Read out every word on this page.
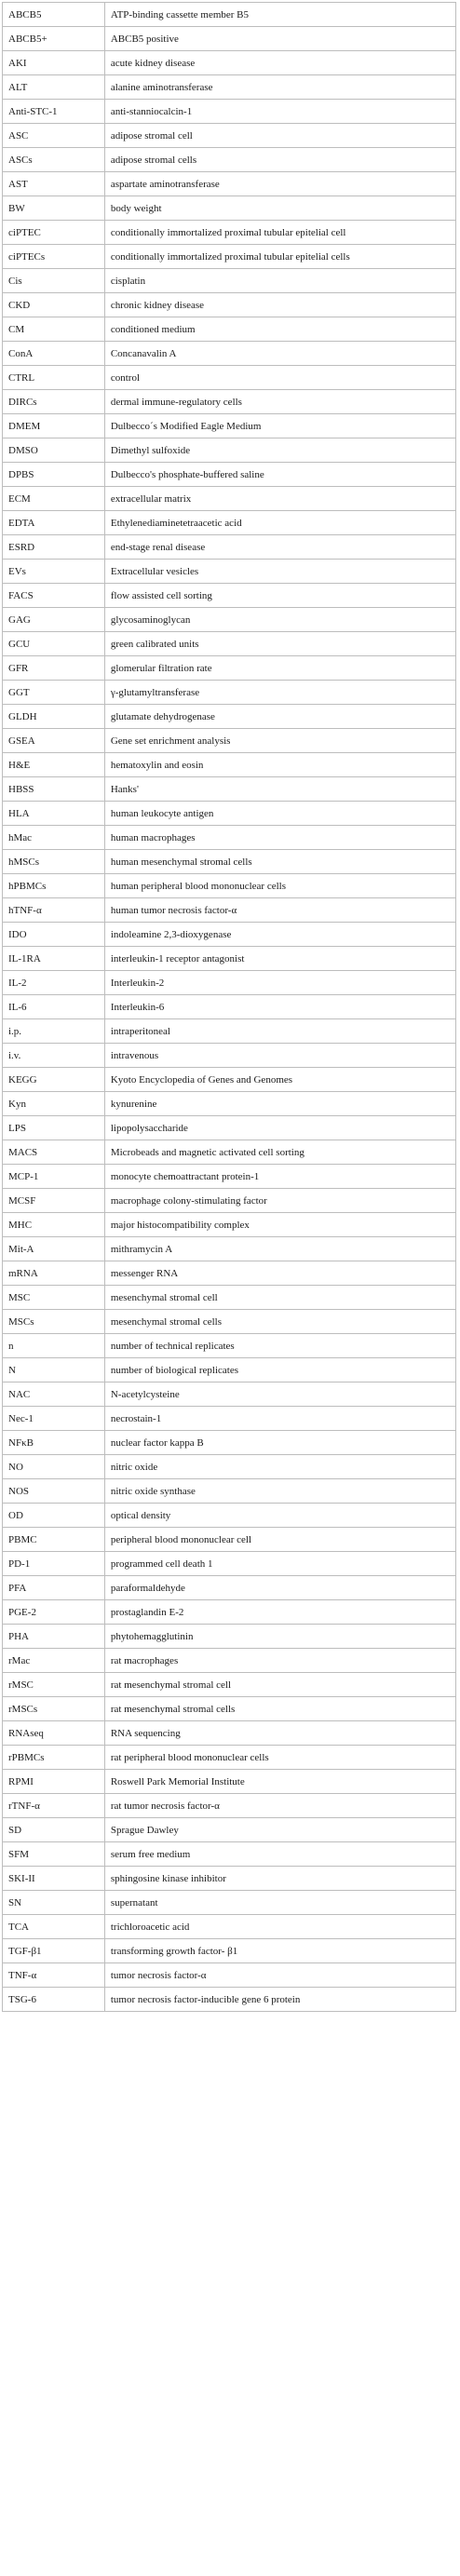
ABCB5	ATP-binding cassette member B5
ABCB5+	ABCB5 positive
AKI	acute kidney disease
ALT	alanine aminotransferase
Anti-STC-1	anti-stanniocalcin-1
ASC	adipose stromal cell
ASCs	adipose stromal cells
AST	aspartate aminotransferase
BW	body weight
ciPTEC	conditionally immortalized proximal tubular epitelial cell
ciPTECs	conditionally immortalized proximal tubular epitelial cells
Cis	cisplatin
CKD	chronic kidney disease
CM	conditioned medium
ConA	Concanavalin A
CTRL	control
DIRCs	dermal immune-regulatory cells
DMEM	Dulbecco´s Modified Eagle Medium
DMSO	Dimethyl sulfoxide
DPBS	Dulbecco's phosphate-buffered saline
ECM	extracellular matrix
EDTA	Ethylenediaminetetraacetic acid
ESRD	end-stage renal disease
EVs	Extracellular vesicles
FACS	flow assisted cell sorting
GAG	glycosaminoglycan
GCU	green calibrated units
GFR	glomerular filtration rate
GGT	γ-glutamyltransferase
GLDH	glutamate dehydrogenase
GSEA	Gene set enrichment analysis
H&E	hematoxylin and eosin
HBSS	Hanks'
HLA	human leukocyte antigen
hMac	human macrophages
hMSCs	human mesenchymal stromal cells
hPBMCs	human peripheral blood mononuclear cells
hTNF-α	human tumor necrosis factor-α
IDO	indoleamine 2,3-dioxygenase
IL-1RA	interleukin-1 receptor antagonist
IL-2	Interleukin-2
IL-6	Interleukin-6
i.p.	intraperitoneal
i.v.	intravenous
KEGG	Kyoto Encyclopedia of Genes and Genomes
Kyn	kynurenine
LPS	lipopolysaccharide
MACS	Microbeads and magnetic activated cell sorting
MCP-1	monocyte chemoattractant protein-1
MCSF	macrophage colony-stimulating factor
MHC	major histocompatibility complex
Mit-A	mithramycin A
mRNA	messenger RNA
MSC	mesenchymal stromal cell
MSCs	mesenchymal stromal cells
n	number of technical replicates
N	number of biological replicates
NAC	N-acetylcysteine
Nec-1	necrostain-1
NFκB	nuclear factor kappa B
NO	nitric oxide
NOS	nitric oxide synthase
OD	optical density
PBMC	peripheral blood mononuclear cell
PD-1	programmed cell death 1
PFA	paraformaldehyde
PGE-2	prostaglandin E-2
PHA	phytohemagglutinin
rMac	rat macrophages
rMSC	rat mesenchymal stromal cell
rMSCs	rat mesenchymal stromal cells
RNAseq	RNA sequencing
rPBMCs	rat peripheral blood mononuclear cells
RPMI	Roswell Park Memorial Institute
rTNF-α	rat tumor necrosis factor-α
SD	Sprague Dawley
SFM	serum free medium
SKI-II	sphingosine kinase inhibitor
SN	supernatant
TCA	trichloroacetic acid
TGF-β1	transforming growth factor- β1
TNF-α	tumor necrosis factor-α
TSG-6	tumor necrosis factor-inducible gene 6 protein
